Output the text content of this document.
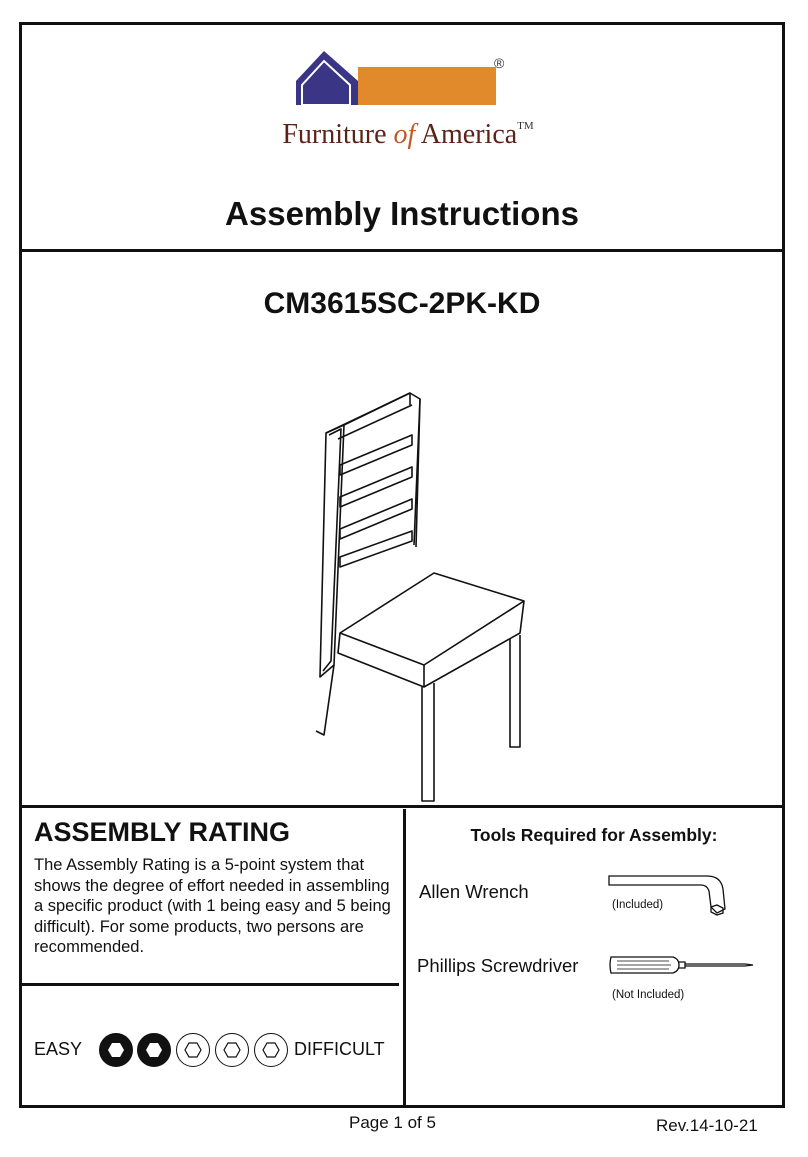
®
Furniture of America™
Assembly Instructions
CM3615SC-2PK-KD
ASSEMBLY RATING
The Assembly Rating is a 5-point system that shows the degree of effort needed in assembling a specific product (with 1 being easy and 5 being difficult). For some products, two persons are recommended.
EASY	DIFFICULT
Tools Required for Assembly:
Allen Wrench
(Included)
Phillips Screwdriver
(Not Included)
Page 1 of 5	Rev.14-10-21
